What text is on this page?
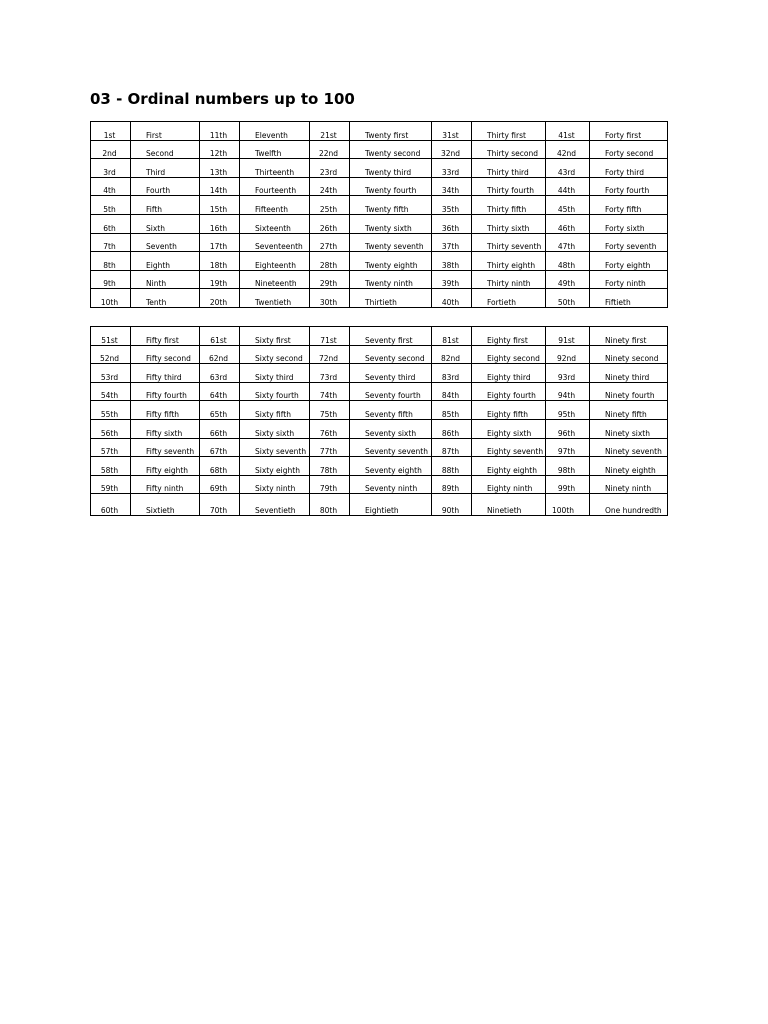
03 - Ordinal numbers up to 100
1st	First	11th	Eleventh	21st	Twenty first	31st	Thirty first	41st	Forty first
2nd	Second	12th	Twelfth	22nd	Twenty second	32nd	Thirty second	42nd	Forty second
3rd	Third	13th	Thirteenth	23rd	Twenty third	33rd	Thirty third	43rd	Forty third
4th	Fourth	14th	Fourteenth	24th	Twenty fourth	34th	Thirty fourth	44th	Forty fourth
5th	Fifth	15th	Fifteenth	25th	Twenty fifth	35th	Thirty fifth	45th	Forty fifth
6th	Sixth	16th	Sixteenth	26th	Twenty sixth	36th	Thirty sixth	46th	Forty sixth
7th	Seventh	17th	Seventeenth	27th	Twenty seventh	37th	Thirty seventh	47th	Forty seventh
8th	Eighth	18th	Eighteenth	28th	Twenty eighth	38th	Thirty eighth	48th	Forty eighth
9th	Ninth	19th	Nineteenth	29th	Twenty ninth	39th	Thirty ninth	49th	Forty ninth
10th	Tenth	20th	Twentieth	30th	Thirtieth	40th	Fortieth	50th	Fiftieth
51st	Fifty first	61st	Sixty first	71st	Seventy first	81st	Eighty first	91st	Ninety first
52nd	Fifty second	62nd	Sixty second	72nd	Seventy second	82nd	Eighty second	92nd	Ninety second
53rd	Fifty third	63rd	Sixty third	73rd	Seventy third	83rd	Eighty third	93rd	Ninety third
54th	Fifty fourth	64th	Sixty fourth	74th	Seventy fourth	84th	Eighty fourth	94th	Ninety fourth
55th	Fifty fifth	65th	Sixty fifth	75th	Seventy fifth	85th	Eighty fifth	95th	Ninety fifth
56th	Fifty sixth	66th	Sixty sixth	76th	Seventy sixth	86th	Eighty sixth	96th	Ninety sixth
57th	Fifty seventh	67th	Sixty seventh	77th	Seventy seventh	87th	Eighty seventh	97th	Ninety seventh
58th	Fifty eighth	68th	Sixty eighth	78th	Seventy eighth	88th	Eighty eighth	98th	Ninety eighth
59th	Fifty ninth	69th	Sixty ninth	79th	Seventy ninth	89th	Eighty ninth	99th	Ninety ninth
60th	Sixtieth	70th	Seventieth	80th	Eightieth	90th	Ninetieth	100th	One hundredth
